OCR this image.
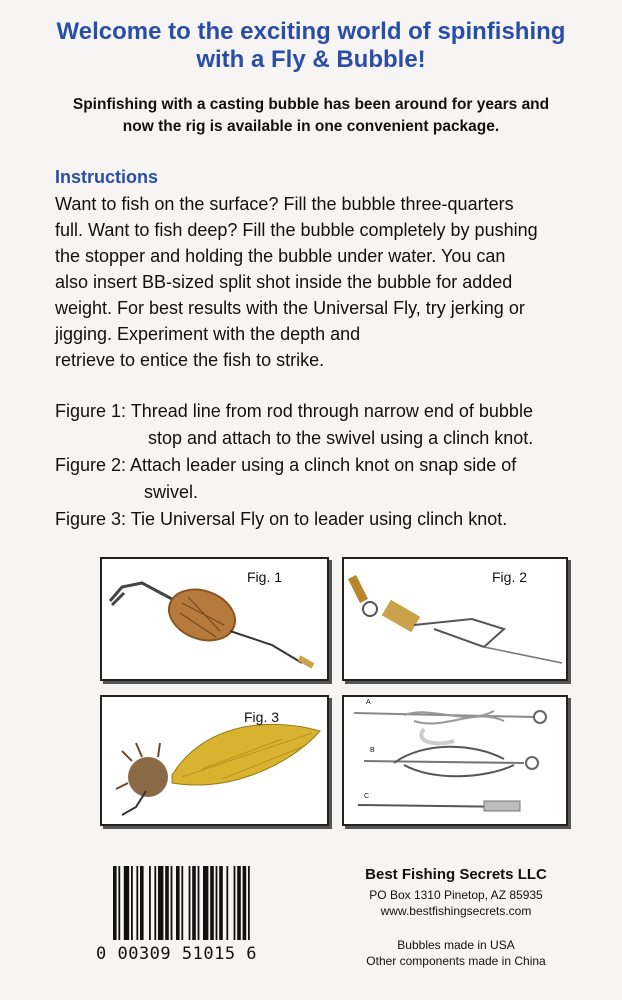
Welcome to the exciting world of spinfishing
with a Fly & Bubble!
Spinfishing with a casting bubble has been around for years and
now the rig is available in one convenient package.
Instructions
Want to fish on the surface? Fill the bubble three-quarters
full. Want to fish deep? Fill the bubble completely by pushing
the stopper and holding the bubble under water. You can
also insert BB-sized split shot inside the bubble for added
weight. For best results with the Universal Fly, try jerking or
jigging. Experiment with the depth and
retrieve to entice the fish to strike.
Figure 1: Thread line from rod through narrow end of bubble
stop and attach to the swivel using a clinch knot.
Figure 2: Attach leader using a clinch knot on snap side of
swivel.
Figure 3: Tie Universal Fly on to leader using clinch knot.
Fig. 1	Fig. 2
Fig. 3
A
B
C
0 00309 51015 6
Best Fishing Secrets LLC
PO Box 1310 Pinetop, AZ 85935
www.bestfishingsecrets.com
Bubbles made in USA
Other components made in China
